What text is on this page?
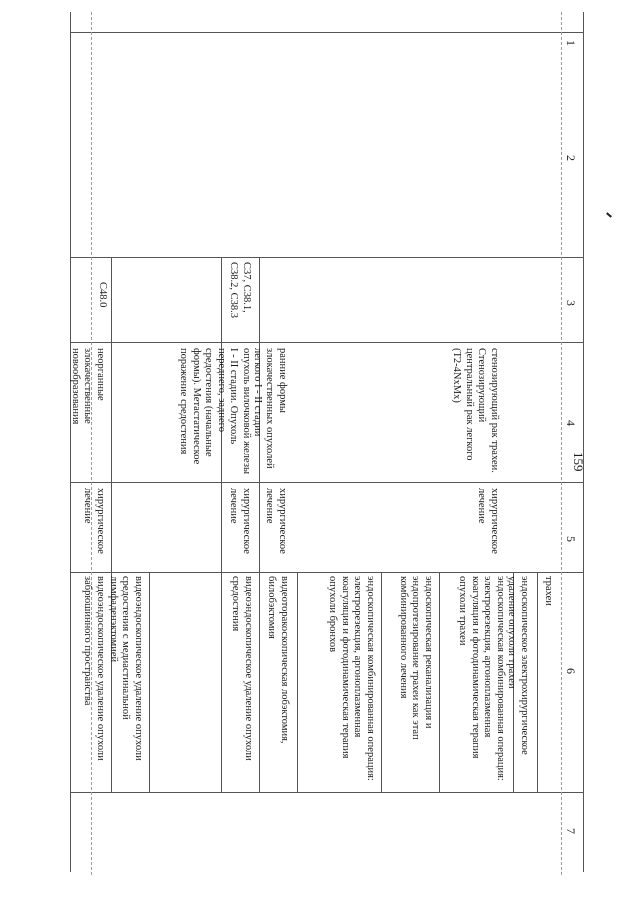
159
1
2
3
4
5
6
7
трахеи
эндоскопическое электрохирургическое удаление опухоли трахеи
эндоскопическая комбинированная операция: электрорезекция, аргоноплазменная коагуляция и фотодинамическая терапия опухоли трахеи
эндоскопическая реканализация и эндопротезирование трахеи как этап комбинированного лечения
эндоскопическая комбинированная операция: электрорезекция, аргоноплазменная коагуляция и фотодинамическая терапия опухоли бронхов
видеоторакоскопическая лобэктомия, билобэктомия
видеоэндоскопическое удаление опухоли средостения
видеоэндоскопическое удаление опухоли средостения с медиастинальной лимфаденэктомией
видеоэндоскопическое удаление опухоли забрюшинного пространства
хирургическое лечение
хирургическое лечение
хирургическое лечение
хирургическое лечение
стенозирующий рак трахеи. Стенозирующий центральный рак легкого (T2-4NxMx)
ранние формы злокачественных опухолей легкого I - II стадии
опухоль вилочковой железы I - II стадии. Опухоль переднего, заднего средостения (начальные формы). Метастатическое поражение средостения
неорганные злокачественные новообразования
C37, C38.1, C38.2, C38.3
C48.0
